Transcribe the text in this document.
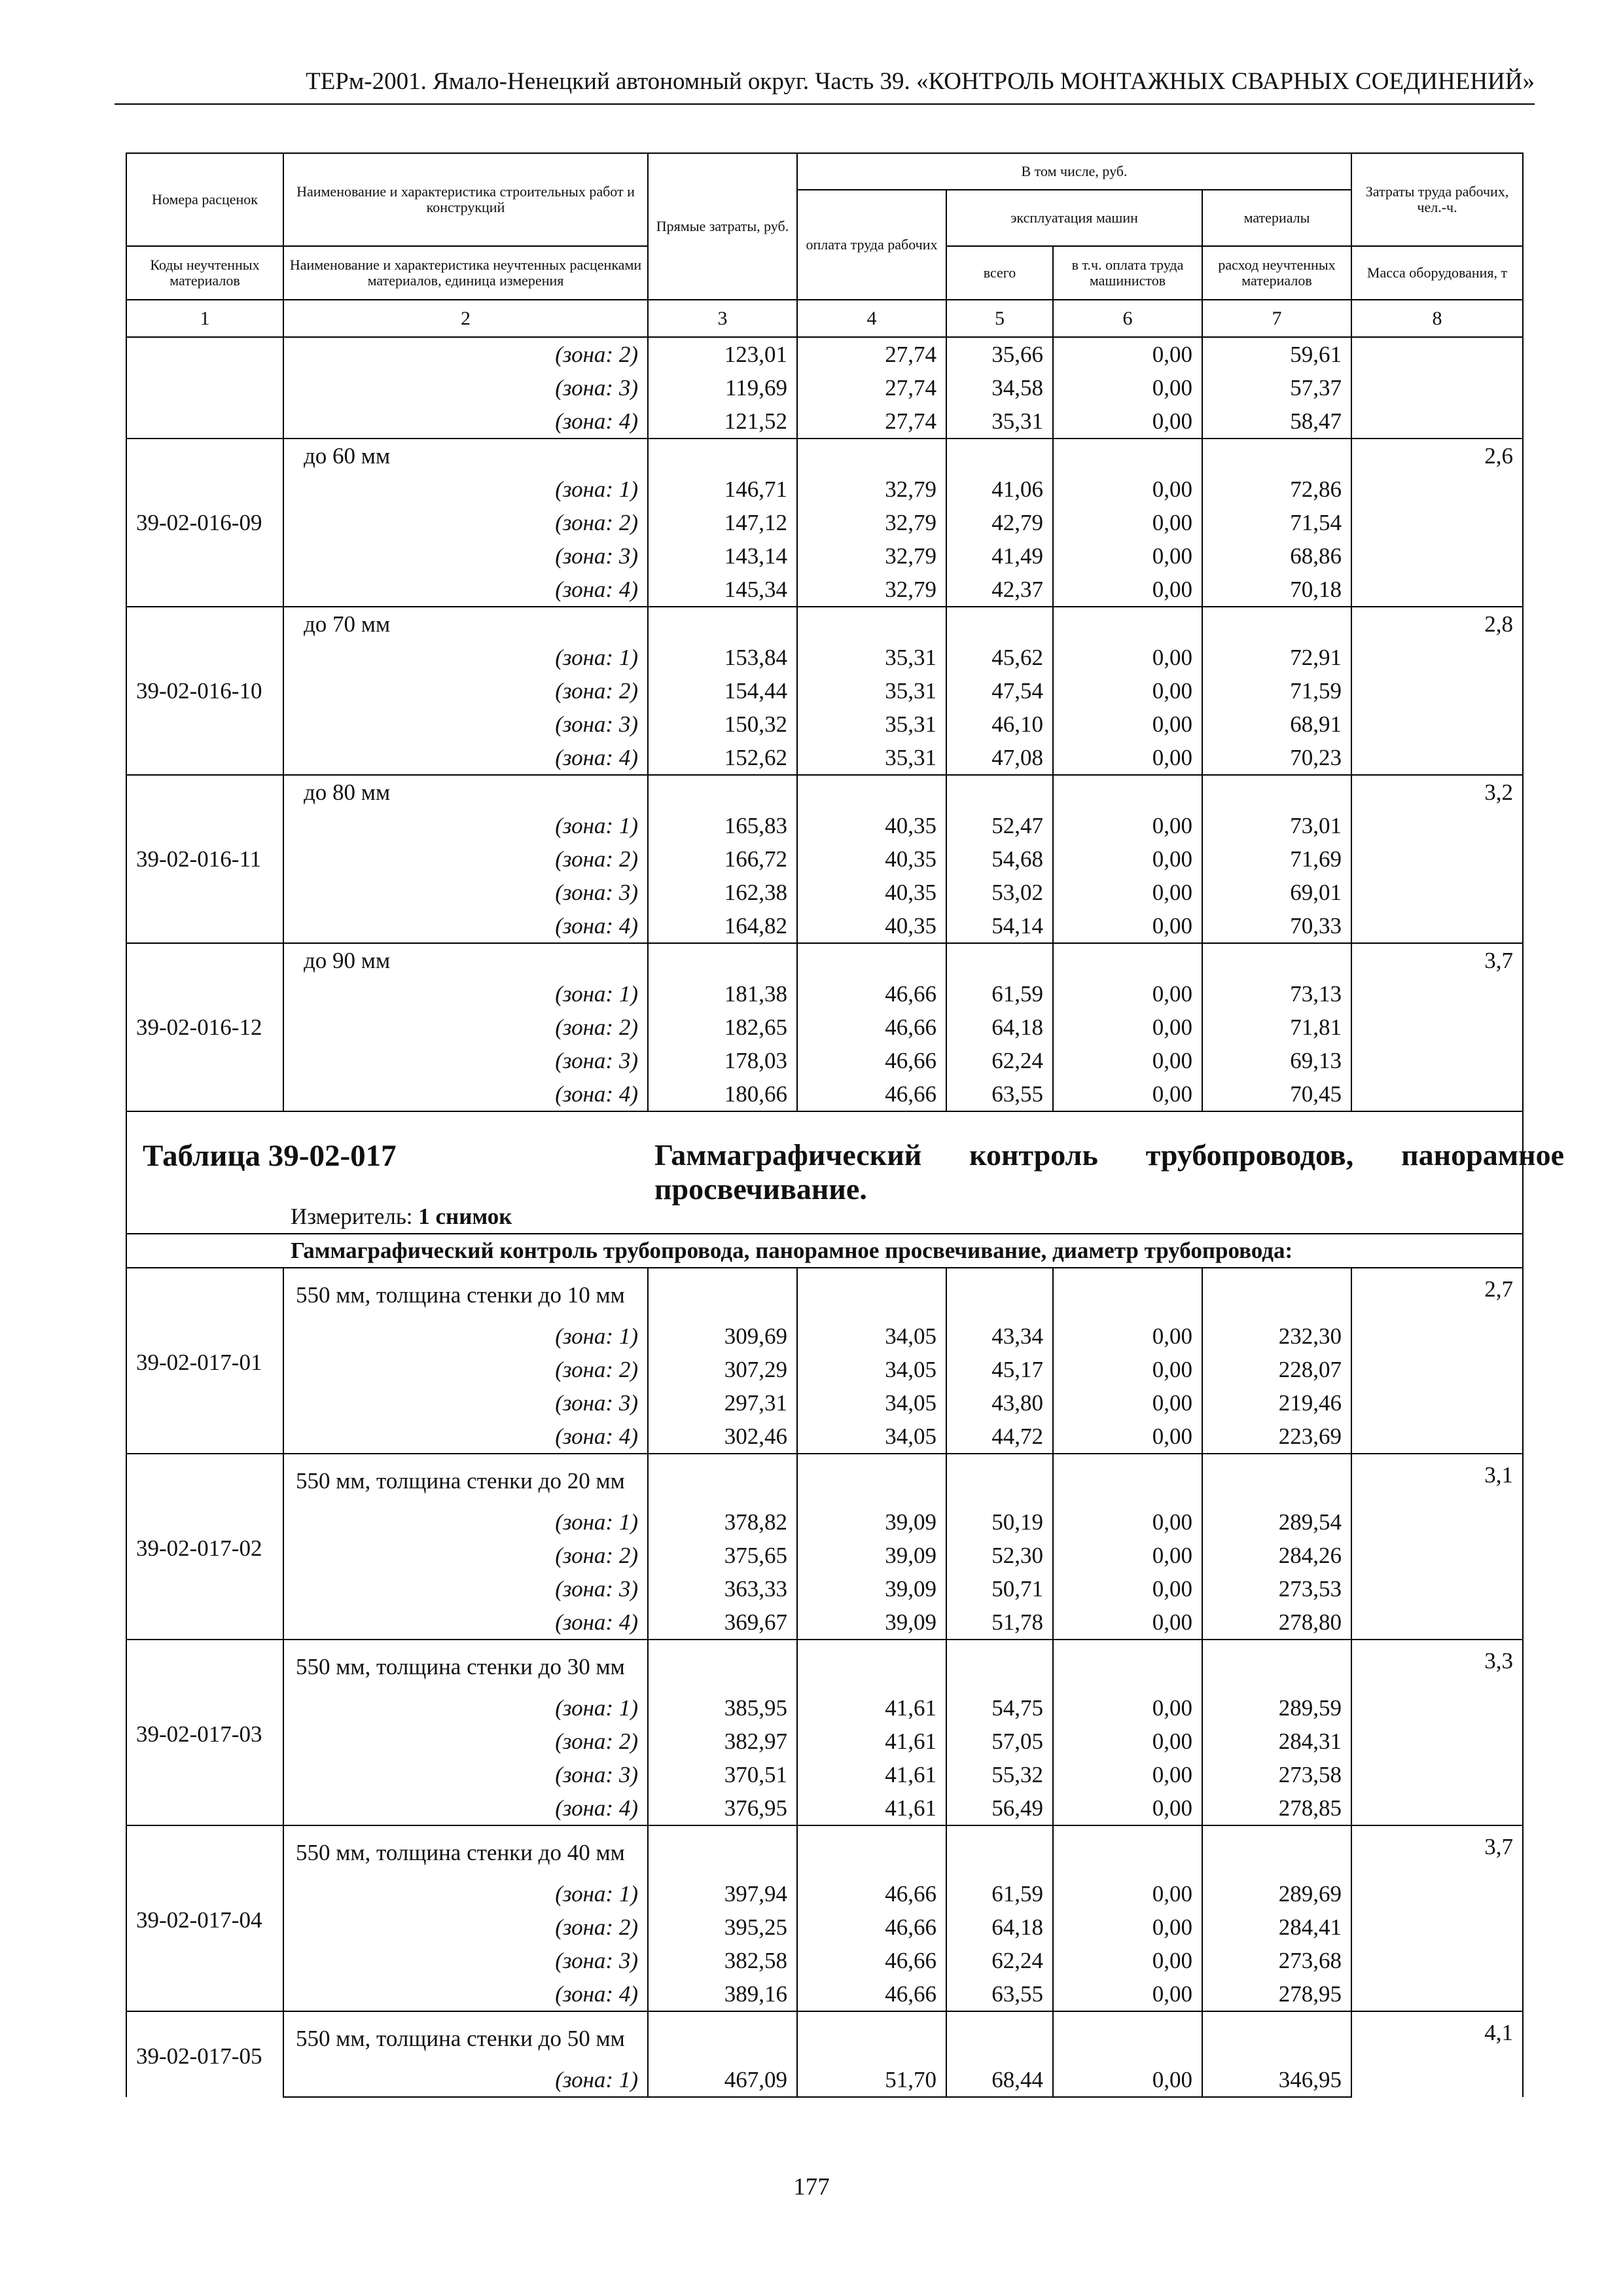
ТЕРм-2001. Ямало-Ненецкий автономный округ. Часть 39. «КОНТРОЛЬ МОНТАЖНЫХ СВАРНЫХ СОЕДИНЕНИЙ»
Номера расценок	Наименование и характеристика строительных работ и конструкций	Прямые затраты, руб.	В том числе, руб.				Затраты труда рабочих, чел.-ч.
			оплата труда рабочих	эксплуатация машин		материалы	
Коды неучтенных материалов	Наименование и характеристика неучтенных расценками материалов, единица измерения			всего	в т.ч. оплата труда машинистов	расход неучтенных материалов	Масса оборудования, т
1	2	3	4	5	6	7	8
	(зона: 2)	123,01	27,74	35,66	0,00	59,61	
	(зона: 3)	119,69	27,74	34,58	0,00	57,37	
	(зона: 4)	121,52	27,74	35,31	0,00	58,47	
39-02-016-09	до 60 мм						2,6
	(зона: 1)	146,71	32,79	41,06	0,00	72,86	
	(зона: 2)	147,12	32,79	42,79	0,00	71,54	
	(зона: 3)	143,14	32,79	41,49	0,00	68,86	
	(зона: 4)	145,34	32,79	42,37	0,00	70,18	
39-02-016-10	до 70 мм						2,8
	(зона: 1)	153,84	35,31	45,62	0,00	72,91	
	(зона: 2)	154,44	35,31	47,54	0,00	71,59	
	(зона: 3)	150,32	35,31	46,10	0,00	68,91	
	(зона: 4)	152,62	35,31	47,08	0,00	70,23	
39-02-016-11	до 80 мм						3,2
	(зона: 1)	165,83	40,35	52,47	0,00	73,01	
	(зона: 2)	166,72	40,35	54,68	0,00	71,69	
	(зона: 3)	162,38	40,35	53,02	0,00	69,01	
	(зона: 4)	164,82	40,35	54,14	0,00	70,33	
39-02-016-12	до 90 мм						3,7
	(зона: 1)	181,38	46,66	61,59	0,00	73,13	
	(зона: 2)	182,65	46,66	64,18	0,00	71,81	
	(зона: 3)	178,03	46,66	62,24	0,00	69,13	
	(зона: 4)	180,66	46,66	63,55	0,00	70,45	

Таблица 39-02-017 Гаммаграфический контроль трубопроводов, панорамное просвечивание.
Измеритель: 1 снимок							

Гаммаграфический контроль трубопровода, панорамное просвечивание, диаметр трубопровода:							
39-02-017-01	550 мм, толщина стенки до 10 мм						2,7
	(зона: 1)	309,69	34,05	43,34	0,00	232,30	
	(зона: 2)	307,29	34,05	45,17	0,00	228,07	
	(зона: 3)	297,31	34,05	43,80	0,00	219,46	
	(зона: 4)	302,46	34,05	44,72	0,00	223,69	
39-02-017-02	550 мм, толщина стенки до 20 мм						3,1
	(зона: 1)	378,82	39,09	50,19	0,00	289,54	
	(зона: 2)	375,65	39,09	52,30	0,00	284,26	
	(зона: 3)	363,33	39,09	50,71	0,00	273,53	
	(зона: 4)	369,67	39,09	51,78	0,00	278,80	
39-02-017-03	550 мм, толщина стенки до 30 мм						3,3
	(зона: 1)	385,95	41,61	54,75	0,00	289,59	
	(зона: 2)	382,97	41,61	57,05	0,00	284,31	
	(зона: 3)	370,51	41,61	55,32	0,00	273,58	
	(зона: 4)	376,95	41,61	56,49	0,00	278,85	
39-02-017-04	550 мм, толщина стенки до 40 мм						3,7
	(зона: 1)	397,94	46,66	61,59	0,00	289,69	
	(зона: 2)	395,25	46,66	64,18	0,00	284,41	
	(зона: 3)	382,58	46,66	62,24	0,00	273,68	
	(зона: 4)	389,16	46,66	63,55	0,00	278,95	
39-02-017-05	550 мм, толщина стенки до 50 мм						4,1
	(зона: 1)	467,09	51,70	68,44	0,00	346,95	
177
